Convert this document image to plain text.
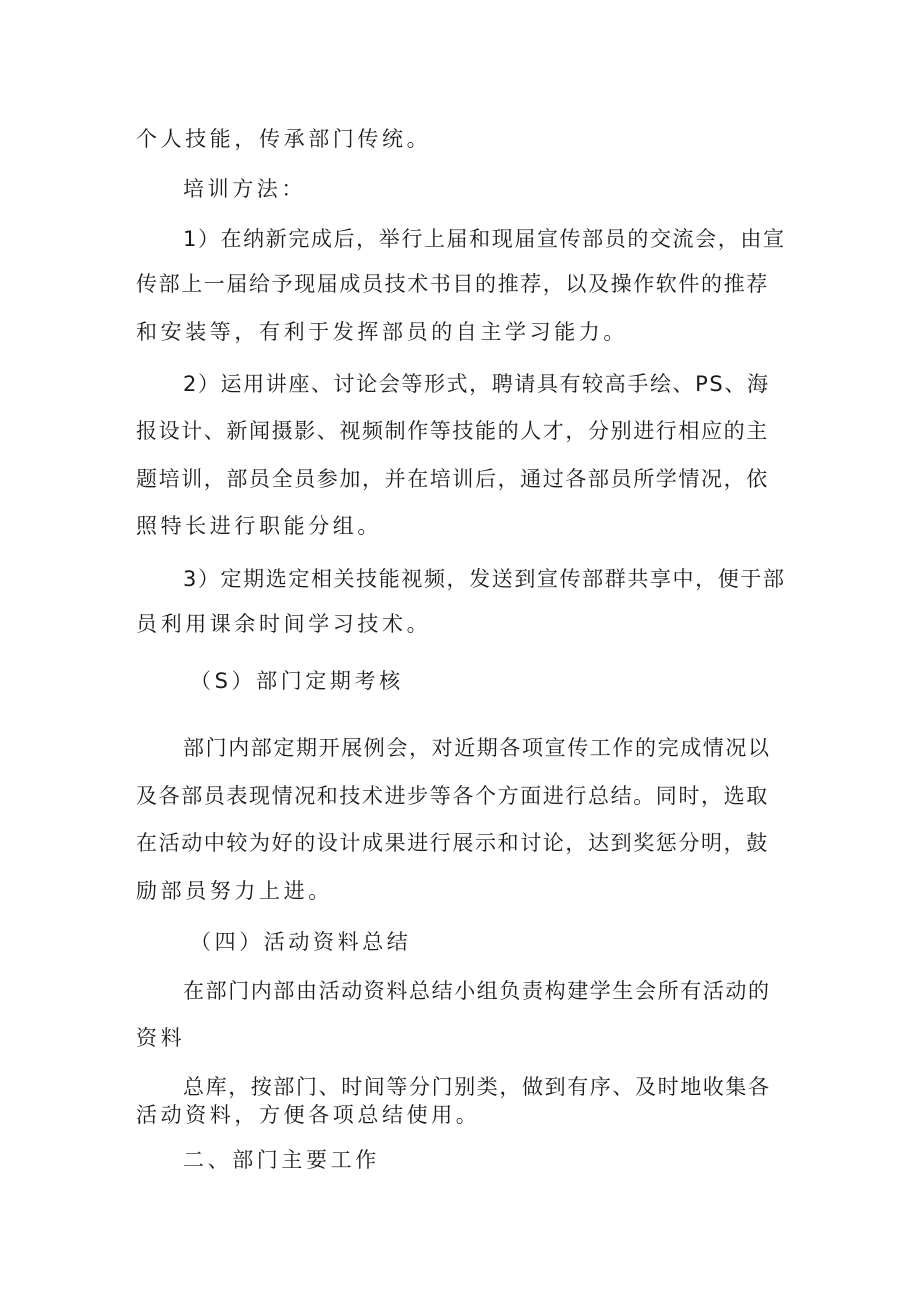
个人技能，传承部门传统。
培训方法：
1）在纳新完成后，举行上届和现届宣传部员的交流会，由宣
传部上一届给予现届成员技术书目的推荐，以及操作软件的推荐
和安装等，有利于发挥部员的自主学习能力。
2）运用讲座、讨论会等形式，聘请具有较高手绘、PS、海
报设计、新闻摄影、视频制作等技能的人才，分别进行相应的主
题培训，部员全员参加，并在培训后，通过各部员所学情况，依
照特长进行职能分组。
3）定期选定相关技能视频，发送到宣传部群共享中，便于部
员利用课余时间学习技术。
（S）部门定期考核
部门内部定期开展例会，对近期各项宣传工作的完成情况以
及各部员表现情况和技术进步等各个方面进行总结。同时，选取
在活动中较为好的设计成果进行展示和讨论，达到奖惩分明，鼓
励部员努力上进。
（四）活动资料总结
在部门内部由活动资料总结小组负责构建学生会所有活动的
资料
总库，按部门、时间等分门别类，做到有序、及时地收集各
活动资料，方便各项总结使用。
二、部门主要工作
